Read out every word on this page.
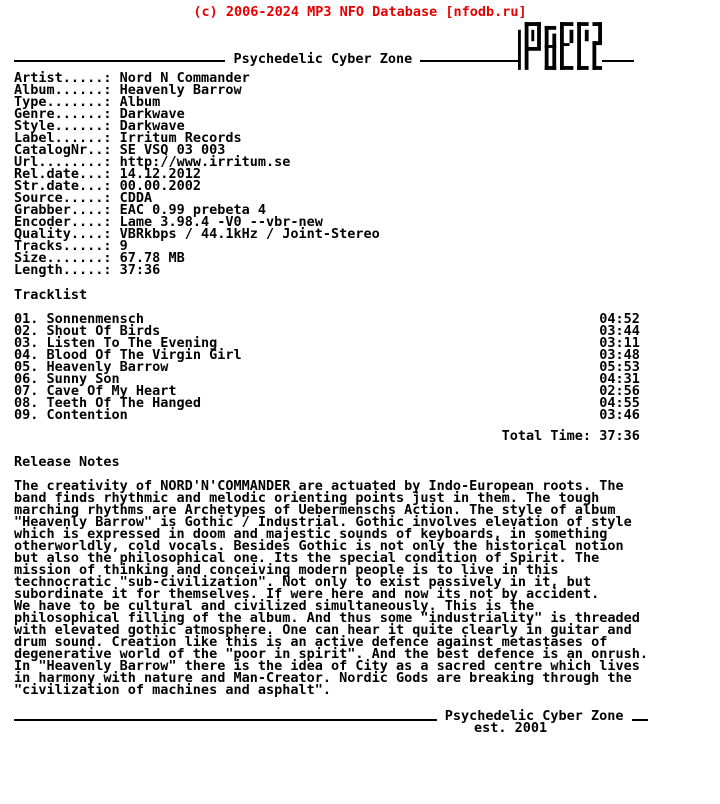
(c) 2006-2024 MP3 NFO Database [nfodb.ru]
Psychedelic Cyber Zone
Artist.....: Nord N Commander
Album......: Heavenly Barrow
Type.......: Album
Genre......: Darkwave
Style......: Darkwave
Label......: Irritum Records
CatalogNr..: SE VSQ 03 003
Url........: http://www.irritum.se
Rel.date...: 14.12.2012
Str.date...: 00.00.2002
Source.....: CDDA
Grabber....: EAC 0.99 prebeta 4
Encoder....: Lame 3.98.4 -V0 --vbr-new
Quality....: VBRkbps / 44.1kHz / Joint-Stereo
Tracks.....: 9
Size.......: 67.78 MB
Length.....: 37:36
Tracklist
01. Sonnenmensch	04:52
02. Shout Of Birds	03:44
03. Listen To The Evening	03:11
04. Blood Of The Virgin Girl	03:48
05. Heavenly Barrow	05:53
06. Sunny Son	04:31
07. Cave Of My Heart	02:56
08. Teeth Of The Hanged	04:55
09. Contention	03:46
Total Time: 37:36
Release Notes
The creativity of NORD'N'COMMANDER are actuated by Indo-European roots. The
band finds rhythmic and melodic orienting points just in them. The tough
marching rhythms are Archetypes of Uebermenschs Action. The style of album
"Heavenly Barrow" is Gothic / Industrial. Gothic involves elevation of style
which is expressed in doom and majestic sounds of keyboards, in something
otherworldly, cold vocals. Besides Gothic is not only the historical notion
but also the philosophical one. Its the special condition of Spirit. The
mission of thinking and conceiving modern people is to live in this
technocratic "sub-civilization". Not only to exist passively in it, but
subordinate it for themselves. If were here and now its not by accident.
We have to be cultural and civilized simultaneously. This is the
philosophical filling of the album. And thus some "industriality" is threaded
with elevated gothic atmosphere. One can hear it quite clearly in guitar and
drum sound. Creation like this is an active defence against metastases of
degenerative world of the "poor in spirit". And the best defence is an onrush.
In "Heavenly Barrow" there is the idea of City as a sacred centre which lives
in harmony with nature and Man-Creator. Nordic Gods are breaking through the
"civilization of machines and asphalt".
Psychedelic Cyber Zone
est. 2001
